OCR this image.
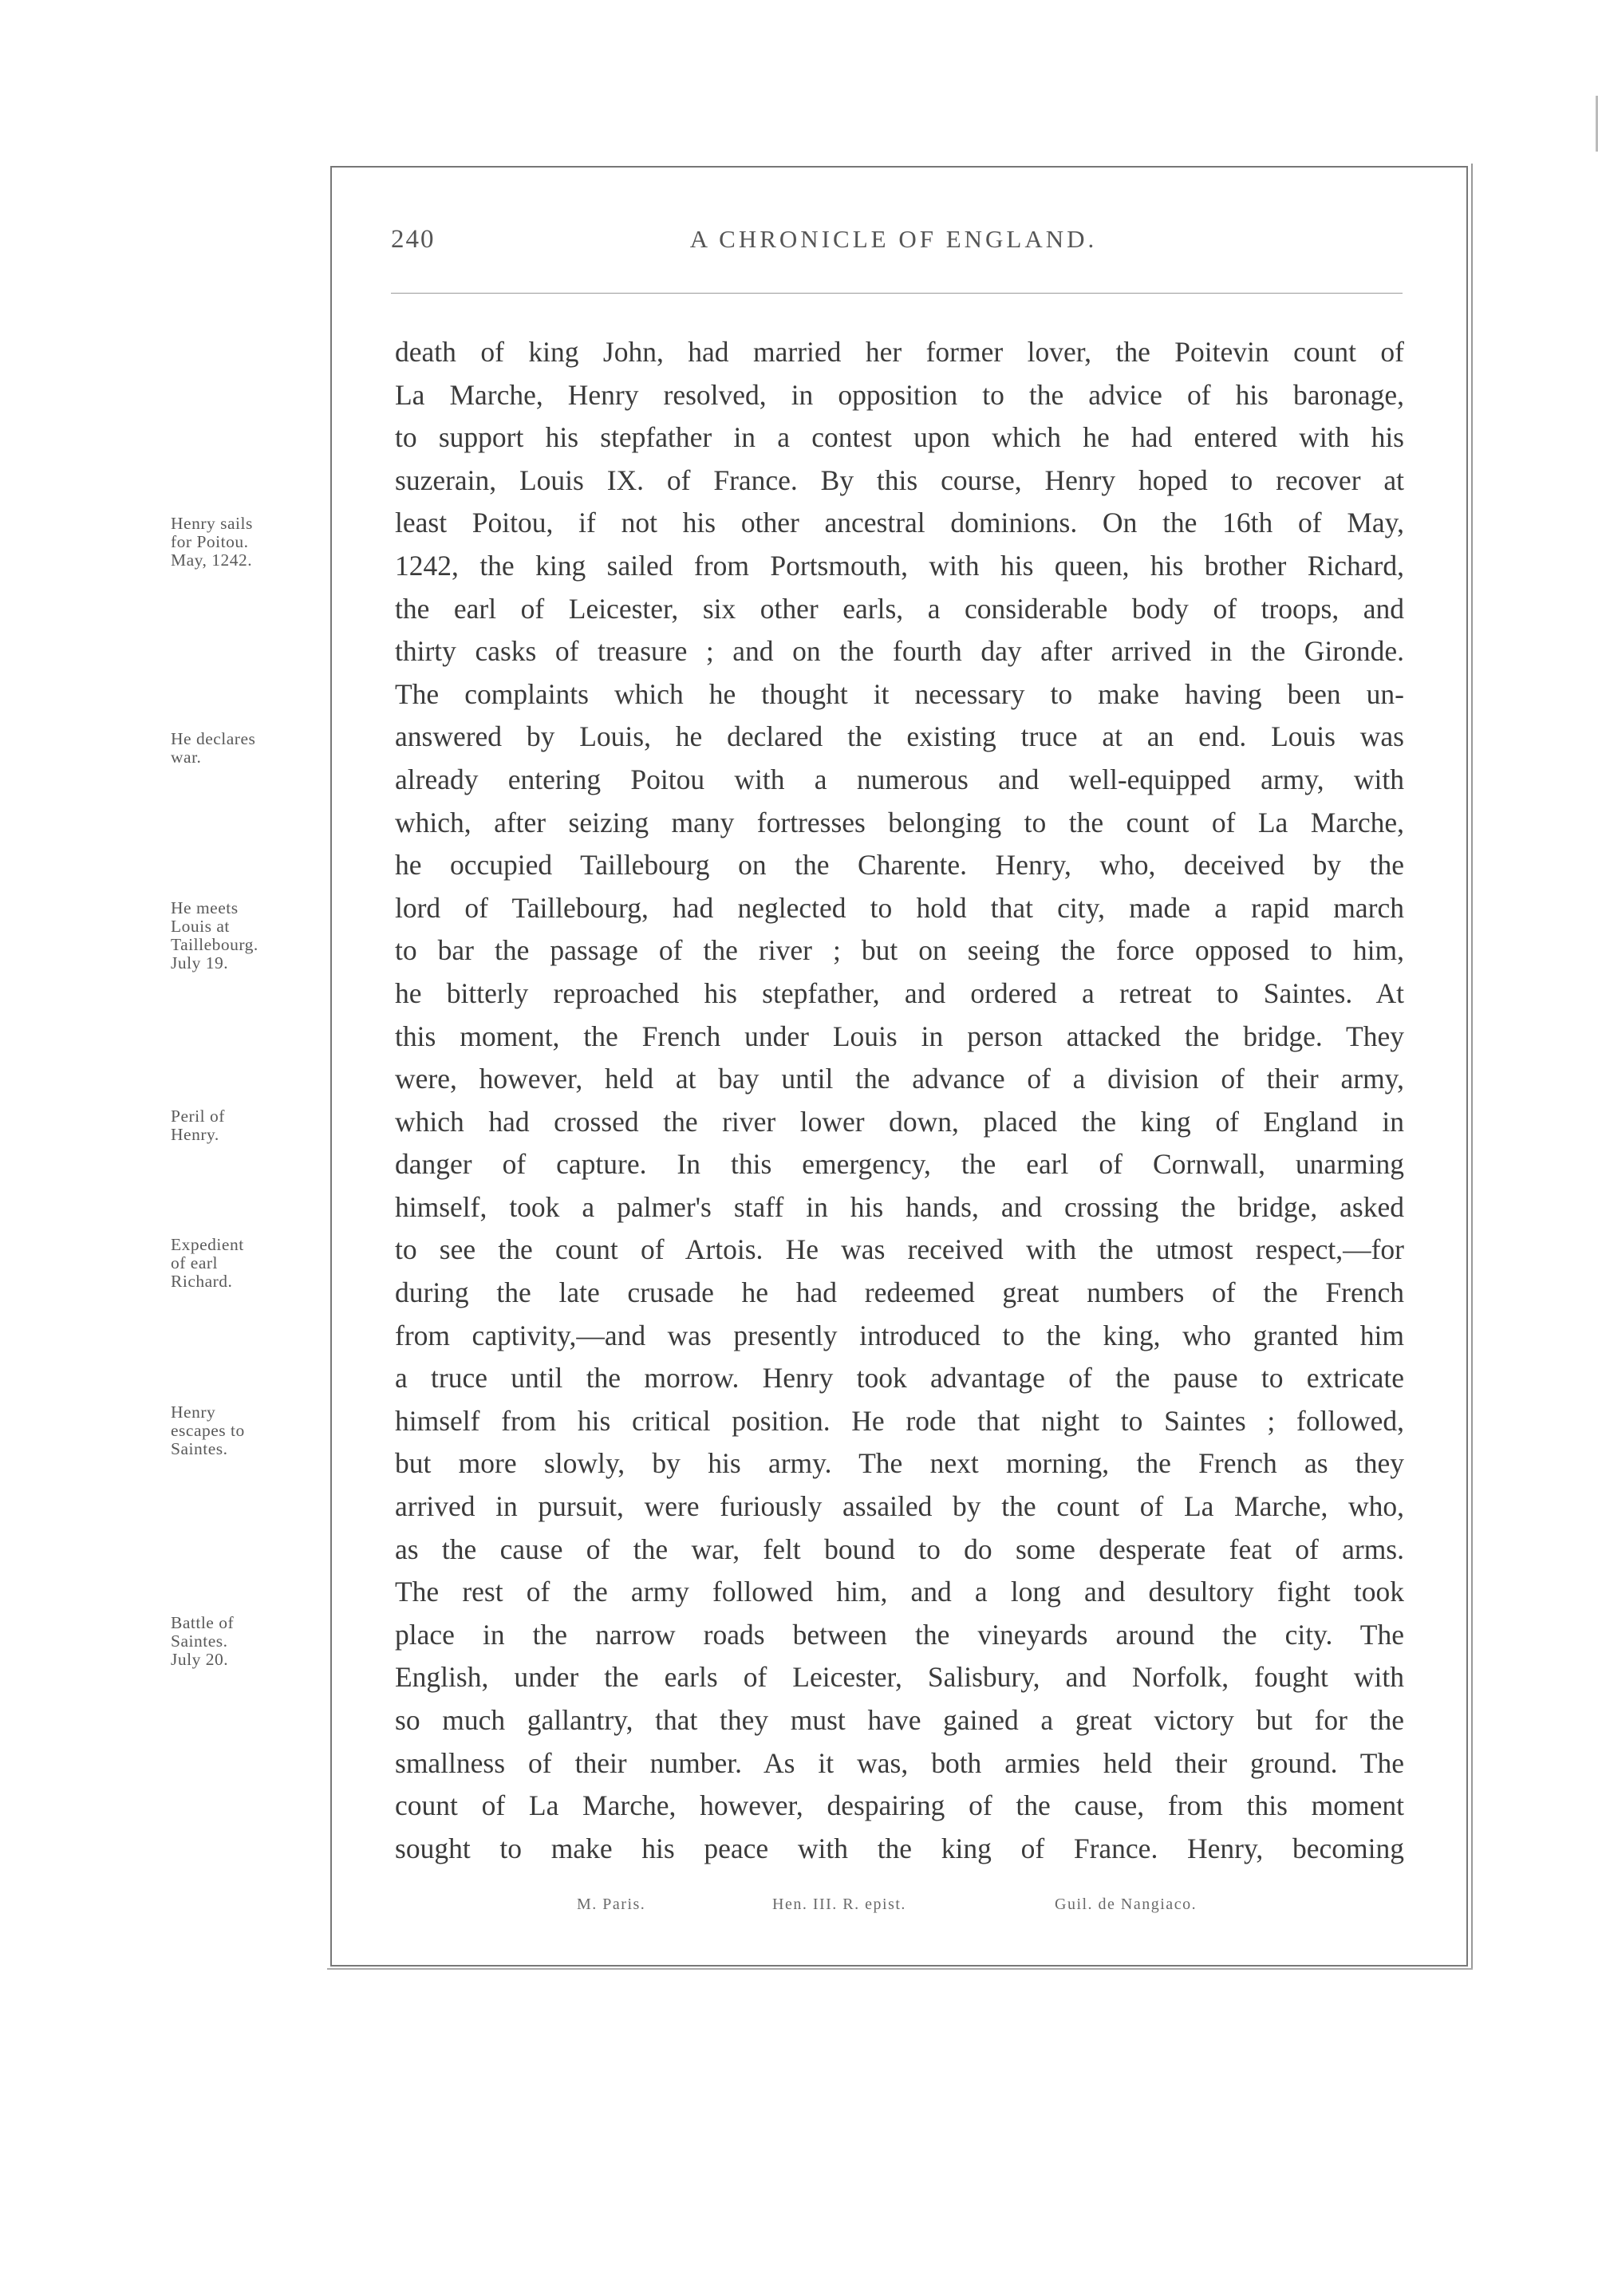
240	A CHRONICLE OF ENGLAND.
death of king John, had married her former lover, the Poitevin count of
La Marche, Henry resolved, in opposition to the advice of his baronage,
to support his stepfather in a contest upon which he had entered with his
suzerain, Louis IX. of France. By this course, Henry hoped to recover at
least Poitou, if not his other ancestral dominions. On the 16th of May,
1242, the king sailed from Portsmouth, with his queen, his brother Richard,
the earl of Leicester, six other earls, a considerable body of troops, and
thirty casks of treasure ; and on the fourth day after arrived in the Gironde.
The complaints which he thought it necessary to make having been un-
answered by Louis, he declared the existing truce at an end. Louis was
already entering Poitou with a numerous and well-equipped army, with
which, after seizing many fortresses belonging to the count of La Marche,
he occupied Taillebourg on the Charente. Henry, who, deceived by the
lord of Taillebourg, had neglected to hold that city, made a rapid march
to bar the passage of the river ; but on seeing the force opposed to him,
he bitterly reproached his stepfather, and ordered a retreat to Saintes. At
this moment, the French under Louis in person attacked the bridge. They
were, however, held at bay until the advance of a division of their army,
which had crossed the river lower down, placed the king of England in
danger of capture. In this emergency, the earl of Cornwall, unarming
himself, took a palmer's staff in his hands, and crossing the bridge, asked
to see the count of Artois. He was received with the utmost respect,—for
during the late crusade he had redeemed great numbers of the French
from captivity,—and was presently introduced to the king, who granted him
a truce until the morrow. Henry took advantage of the pause to extricate
himself from his critical position. He rode that night to Saintes ; followed,
but more slowly, by his army. The next morning, the French as they
arrived in pursuit, were furiously assailed by the count of La Marche, who,
as the cause of the war, felt bound to do some desperate feat of arms.
The rest of the army followed him, and a long and desultory fight took
place in the narrow roads between the vineyards around the city. The
English, under the earls of Leicester, Salisbury, and Norfolk, fought with
so much gallantry, that they must have gained a great victory but for the
smallness of their number. As it was, both armies held their ground. The
count of La Marche, however, despairing of the cause, from this moment
sought to make his peace with the king of France. Henry, becoming
Henry sails
for Poitou.
May, 1242.
He declares
war.
He meets
Louis at
Taillebourg.
July 19.
Peril of
Henry.
Expedient
of earl
Richard.
Henry
escapes to
Saintes.
Battle of
Saintes.
July 20.
M. Paris.	Hen. III. R. epist.	Guil. de Nangiaco.
